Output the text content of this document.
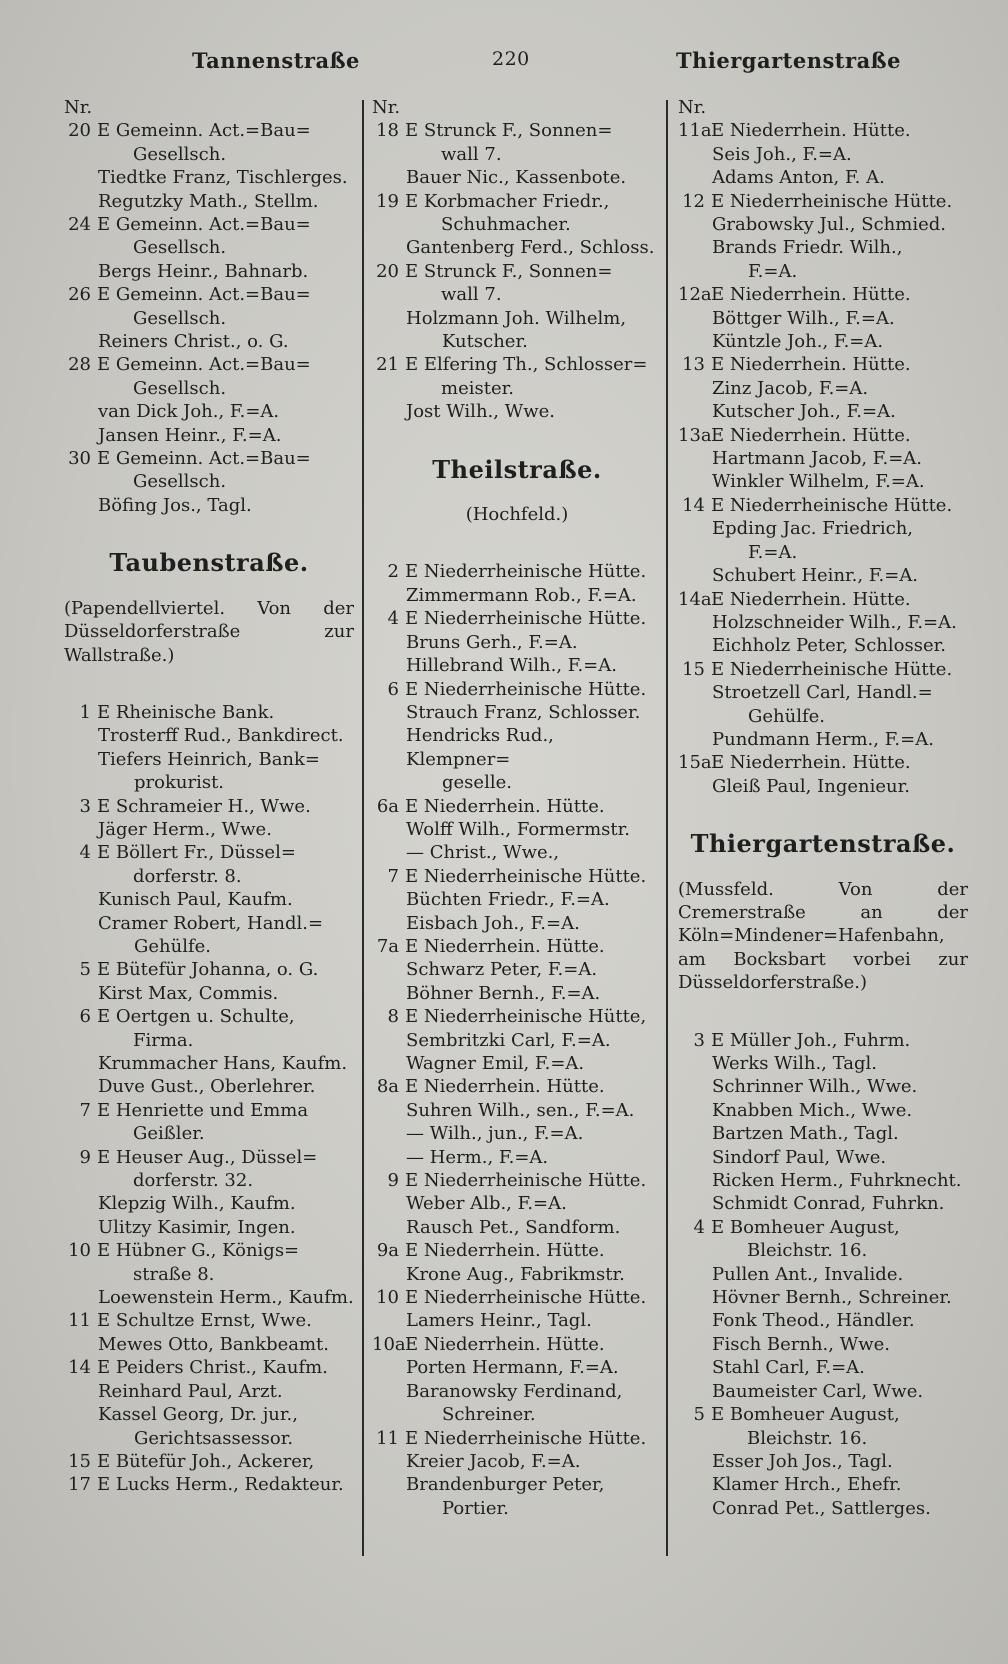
Tannenstraße	220	Thiergartenstraße
Nr.
20 E Gemeinn. Act.=Bau=
Gesellsch.
Tiedtke Franz, Tischlerges.
Regutzky Math., Stellm.
24 E Gemeinn. Act.=Bau=
Gesellsch.
Bergs Heinr., Bahnarb.
26 E Gemeinn. Act.=Bau=
Gesellsch.
Reiners Christ., o. G.
28 E Gemeinn. Act.=Bau=
Gesellsch.
van Dick Joh., F.=A.
Jansen Heinr., F.=A.
30 E Gemeinn. Act.=Bau=
Gesellsch.
Böfing Jos., Tagl.
Taubenstraße.
(Papendellviertel. Von der Düsseldorferstraße zur Wallstraße.)
1 E Rheinische Bank.
Trosterff Rud., Bankdirect.
Tiefers Heinrich, Bank=
prokurist.
3 E Schrameier H., Wwe.
Jäger Herm., Wwe.
4 E Böllert Fr., Düssel=
dorferstr. 8.
Kunisch Paul, Kaufm.
Cramer Robert, Handl.=
Gehülfe.
5 E Bütefür Johanna, o. G.
Kirst Max, Commis.
6 E Oertgen u. Schulte,
Firma.
Krummacher Hans, Kaufm.
Duve Gust., Oberlehrer.
7 E Henriette und Emma
Geißler.
9 E Heuser Aug., Düssel=
dorferstr. 32.
Klepzig Wilh., Kaufm.
Ulitzy Kasimir, Ingen.
10 E Hübner G., Königs=
straße 8.
Loewenstein Herm., Kaufm.
11 E Schultze Ernst, Wwe.
Mewes Otto, Bankbeamt.
14 E Peiders Christ., Kaufm.
Reinhard Paul, Arzt.
Kassel Georg, Dr. jur.,
Gerichtsassessor.
15 E Bütefür Joh., Ackerer,
17 E Lucks Herm., Redakteur.
Nr.
18 E Strunck F., Sonnen=
wall 7.
Bauer Nic., Kassenbote.
19 E Korbmacher Friedr.,
Schuhmacher.
Gantenberg Ferd., Schloss.
20 E Strunck F., Sonnen=
wall 7.
Holzmann Joh. Wilhelm,
Kutscher.
21 E Elfering Th., Schlosser=
meister.
Jost Wilh., Wwe.
Theilstraße.
(Hochfeld.)
2 E Niederrheinische Hütte.
Zimmermann Rob., F.=A.
4 E Niederrheinische Hütte.
Bruns Gerh., F.=A.
Hillebrand Wilh., F.=A.
6 E Niederrheinische Hütte.
Strauch Franz, Schlosser.
Hendricks Rud., Klempner=
geselle.
6a E Niederrhein. Hütte.
Wolff Wilh., Formermstr.
— Christ., Wwe.,
7 E Niederrheinische Hütte.
Büchten Friedr., F.=A.
Eisbach Joh., F.=A.
7a E Niederrhein. Hütte.
Schwarz Peter, F.=A.
Böhner Bernh., F.=A.
8 E Niederrheinische Hütte,
Sembritzki Carl, F.=A.
Wagner Emil, F.=A.
8a E Niederrhein. Hütte.
Suhren Wilh., sen., F.=A.
— Wilh., jun., F.=A.
— Herm., F.=A.
9 E Niederrheinische Hütte.
Weber Alb., F.=A.
Rausch Pet., Sandform.
9a E Niederrhein. Hütte.
Krone Aug., Fabrikmstr.
10 E Niederrheinische Hütte.
Lamers Heinr., Tagl.
10a E Niederrhein. Hütte.
Porten Hermann, F.=A.
Baranowsky Ferdinand,
Schreiner.
11 E Niederrheinische Hütte.
Kreier Jacob, F.=A.
Brandenburger Peter,
Portier.
Nr.
11a E Niederrhein. Hütte.
Seis Joh., F.=A.
Adams Anton, F. A.
12 E Niederrheinische Hütte.
Grabowsky Jul., Schmied.
Brands Friedr. Wilh.,
F.=A.
12a E Niederrhein. Hütte.
Böttger Wilh., F.=A.
Küntzle Joh., F.=A.
13 E Niederrhein. Hütte.
Zinz Jacob, F.=A.
Kutscher Joh., F.=A.
13a E Niederrhein. Hütte.
Hartmann Jacob, F.=A.
Winkler Wilhelm, F.=A.
14 E Niederrheinische Hütte.
Epding Jac. Friedrich,
F.=A.
Schubert Heinr., F.=A.
14a E Niederrhein. Hütte.
Holzschneider Wilh., F.=A.
Eichholz Peter, Schlosser.
15 E Niederrheinische Hütte.
Stroetzell Carl, Handl.=
Gehülfe.
Pundmann Herm., F.=A.
15a E Niederrhein. Hütte.
Gleiß Paul, Ingenieur.
Thiergartenstraße.
(Mussfeld. Von der Cremerstraße an der Köln=Mindener=Hafenbahn, am Bocksbart vorbei zur Düsseldorferstraße.)
3 E Müller Joh., Fuhrm.
Werks Wilh., Tagl.
Schrinner Wilh., Wwe.
Knabben Mich., Wwe.
Bartzen Math., Tagl.
Sindorf Paul, Wwe.
Ricken Herm., Fuhrknecht.
Schmidt Conrad, Fuhrkn.
4 E Bomheuer August,
Bleichstr. 16.
Pullen Ant., Invalide.
Hövner Bernh., Schreiner.
Fonk Theod., Händler.
Fisch Bernh., Wwe.
Stahl Carl, F.=A.
Baumeister Carl, Wwe.
5 E Bomheuer August,
Bleichstr. 16.
Esser Joh Jos., Tagl.
Klamer Hrch., Ehefr.
Conrad Pet., Sattlerges.
